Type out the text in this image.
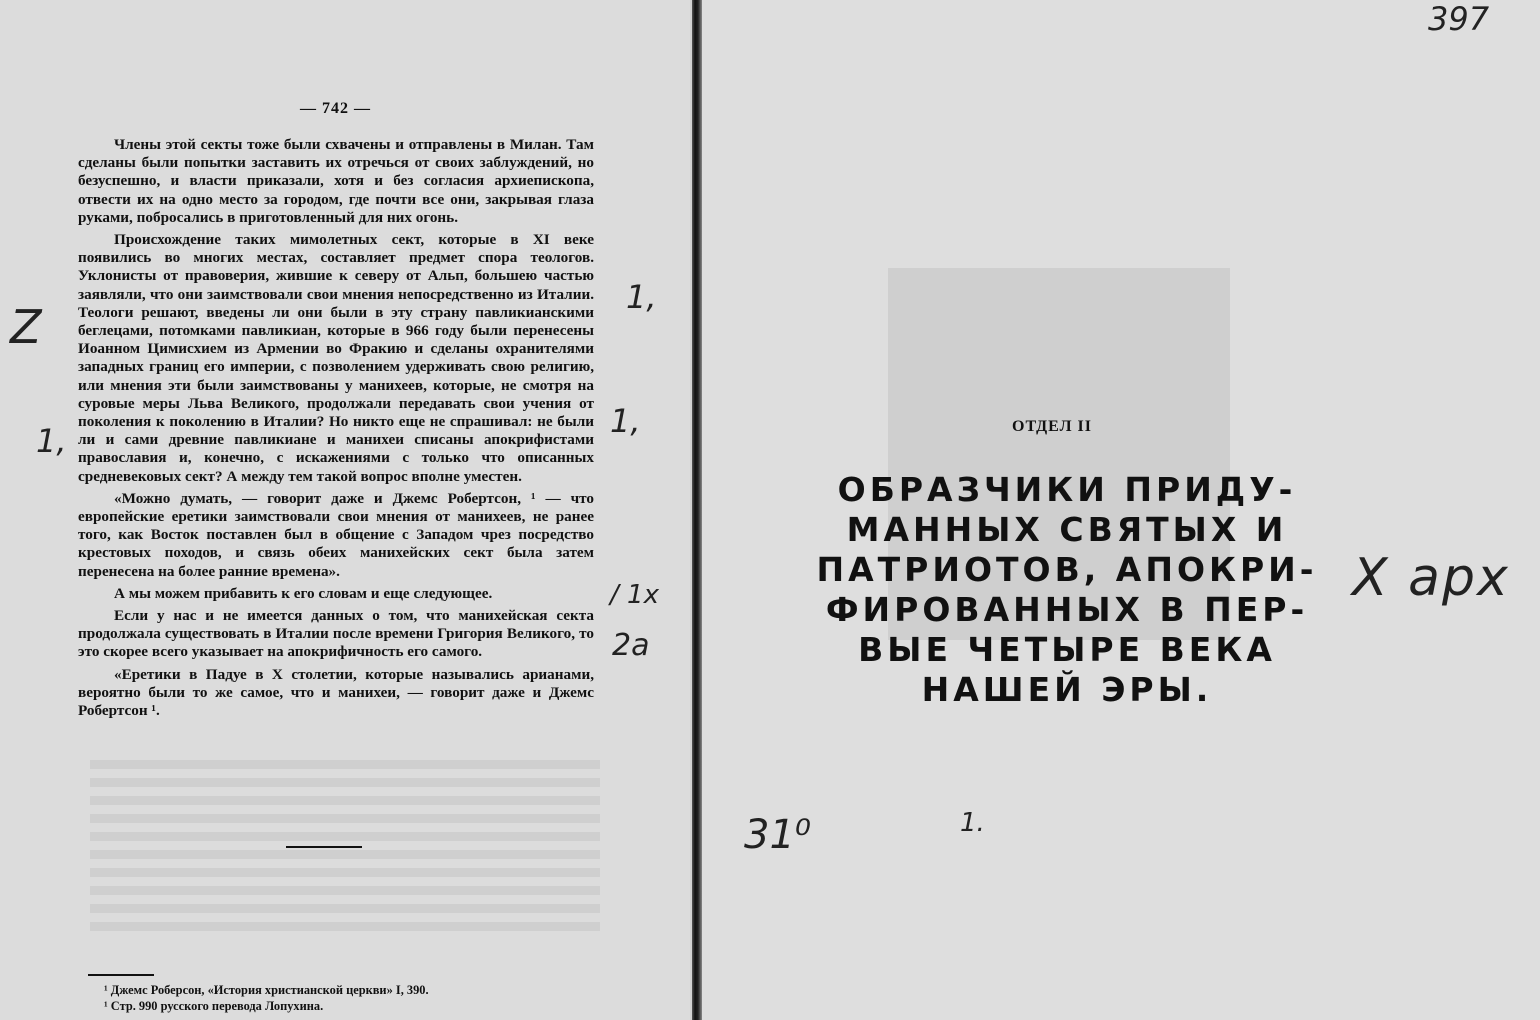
— 742 —

Члены этой секты тоже были схвачены и отправлены в Милан. Там сделаны были попытки заставить их отречься от своих заблуждений, но безуспешно, и власти приказали, хотя и без согласия архиепископа, отвести их на одно место за городом, где почти все они, закрывая глаза руками, побросались в приготовленный для них огонь.

Происхождение таких мимолетных сект, которые в XI веке появились во многих местах, составляет предмет спора теологов. Уклонисты от правоверия, жившие к северу от Альп, большею частью заявляли, что они заимствовали свои мнения непосредственно из Италии. Теологи решают, введены ли они были в эту страну павликианскими беглецами, потомками павликиан, которые в 966 году были перенесены Иоанном Цимисхием из Армении во Фракию и сделаны охранителями западных границ его империи, с позволением удерживать свою религию, или мнения эти были заимствованы у манихеев, которые, не смотря на суровые меры Льва Великого, продолжали передавать свои учения от поколения к поколению в Италии? Но никто еще не спрашивал: не были ли и сами древние павликиане и манихеи списаны апокрифистами православия и, конечно, с искажениями с только что описанных средневековых сект? А между тем такой вопрос вполне уместен.

«Можно думать, — говорит даже и Джемс Робертсон, ¹ — что европейские еретики заимствовали свои мнения от манихеев, не ранее того, как Восток поставлен был в общение с Западом чрез посредство крестовых походов, и связь обеих манихейских сект была затем перенесена на более ранние времена».

А мы можем прибавить к его словам и еще следующее.

Если у нас и не имеется данных о том, что манихейская секта продолжала существовать в Италии после времени Григория Великого, то это скорее всего указывает на апокрифичность его самого.

«Еретики в Падуе в X столетии, которые назывались арианами, вероятно были то же самое, что и манихеи, — говорит даже и Джемс Робертсон ¹.

¹ Джемс Роберсон, «История христианской церкви» I, 390.
¹ Стр. 990 русского перевода Лопухина.
ОТДЕЛ II
ОБРАЗЧИКИ ПРИДУ-
МАННЫХ СВЯТЫХ И
ПАТРИОТОВ, АПОКРИ-
ФИРОВАННЫХ В ПЕР-
ВЫЕ ЧЕТЫРЕ ВЕКА
НАШЕЙ ЭРЫ.
397
X apx
Z
1,
1,
1,
/ 1x
2a
31⁰	1.
